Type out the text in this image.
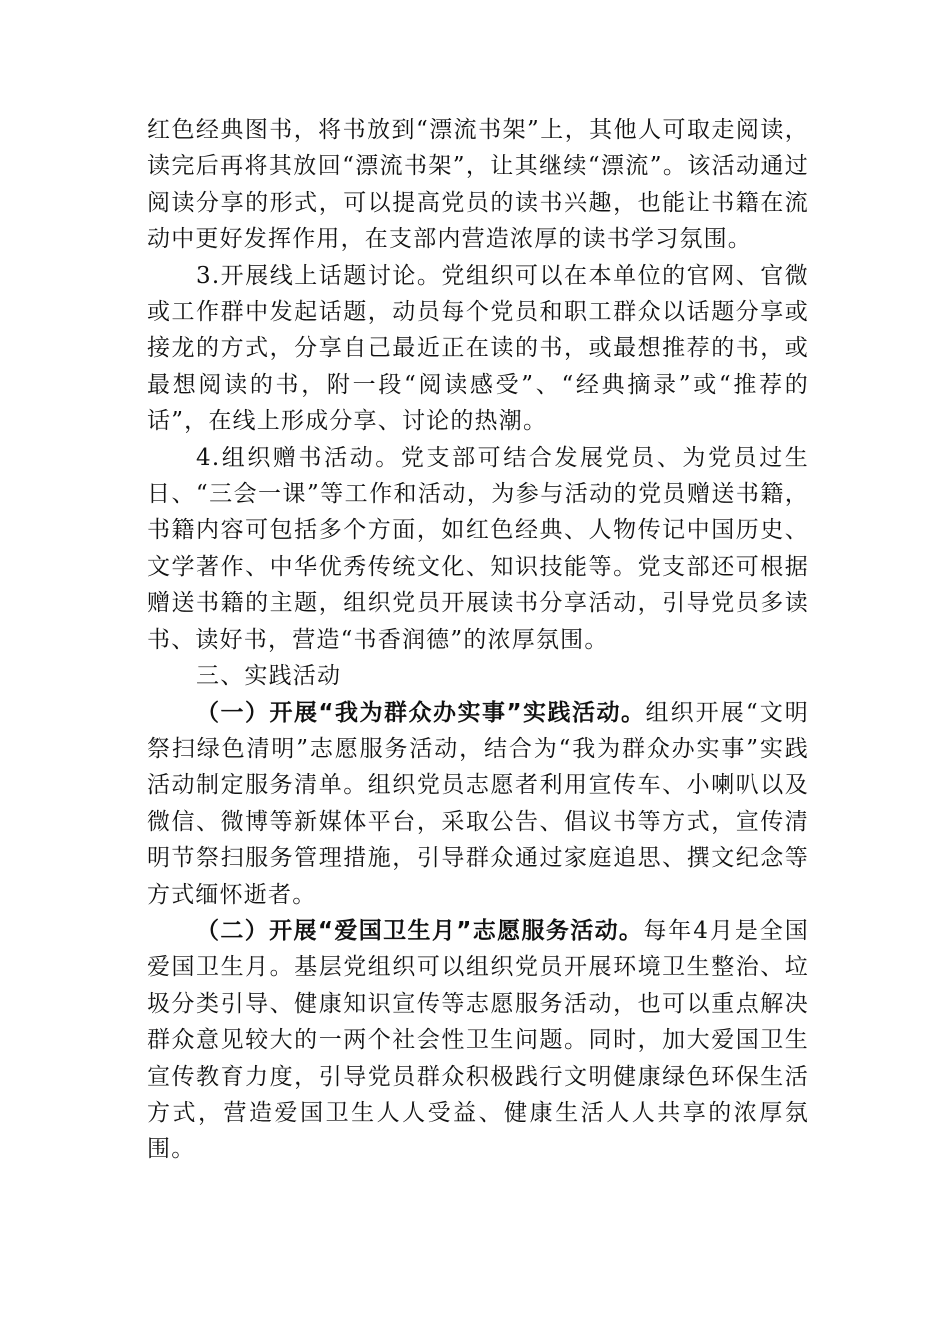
红色经典图书，将书放到“漂流书架”上，其他人可取走阅读，读完后再将其放回“漂流书架”，让其继续“漂流”。该活动通过阅读分享的形式，可以提高党员的读书兴趣，也能让书籍在流动中更好发挥作用，在支部内营造浓厚的读书学习氛围。

3.开展线上话题讨论。党组织可以在本单位的官网、官微或工作群中发起话题，动员每个党员和职工群众以话题分享或接龙的方式，分享自己最近正在读的书，或最想推荐的书，或最想阅读的书，附一段“阅读感受”、“经典摘录”或“推荐的话”，在线上形成分享、讨论的热潮。

4.组织赠书活动。党支部可结合发展党员、为党员过生日、“三会一课”等工作和活动，为参与活动的党员赠送书籍，书籍内容可包括多个方面，如红色经典、人物传记中国历史、文学著作、中华优秀传统文化、知识技能等。党支部还可根据赠送书籍的主题，组织党员开展读书分享活动，引导党员多读书、读好书，营造“书香润德”的浓厚氛围。

三、实践活动

（一）开展“我为群众办实事”实践活动。组织开展“文明祭扫绿色清明”志愿服务活动，结合为“我为群众办实事”实践活动制定服务清单。组织党员志愿者利用宣传车、小喇叭以及微信、微博等新媒体平台，采取公告、倡议书等方式，宣传清明节祭扫服务管理措施，引导群众通过家庭追思、撰文纪念等方式缅怀逝者。

（二）开展“爱国卫生月”志愿服务活动。每年4月是全国爱国卫生月。基层党组织可以组织党员开展环境卫生整治、垃圾分类引导、健康知识宣传等志愿服务活动，也可以重点解决群众意见较大的一两个社会性卫生问题。同时，加大爱国卫生宣传教育力度，引导党员群众积极践行文明健康绿色环保生活方式，营造爱国卫生人人受益、健康生活人人共享的浓厚氛围。
